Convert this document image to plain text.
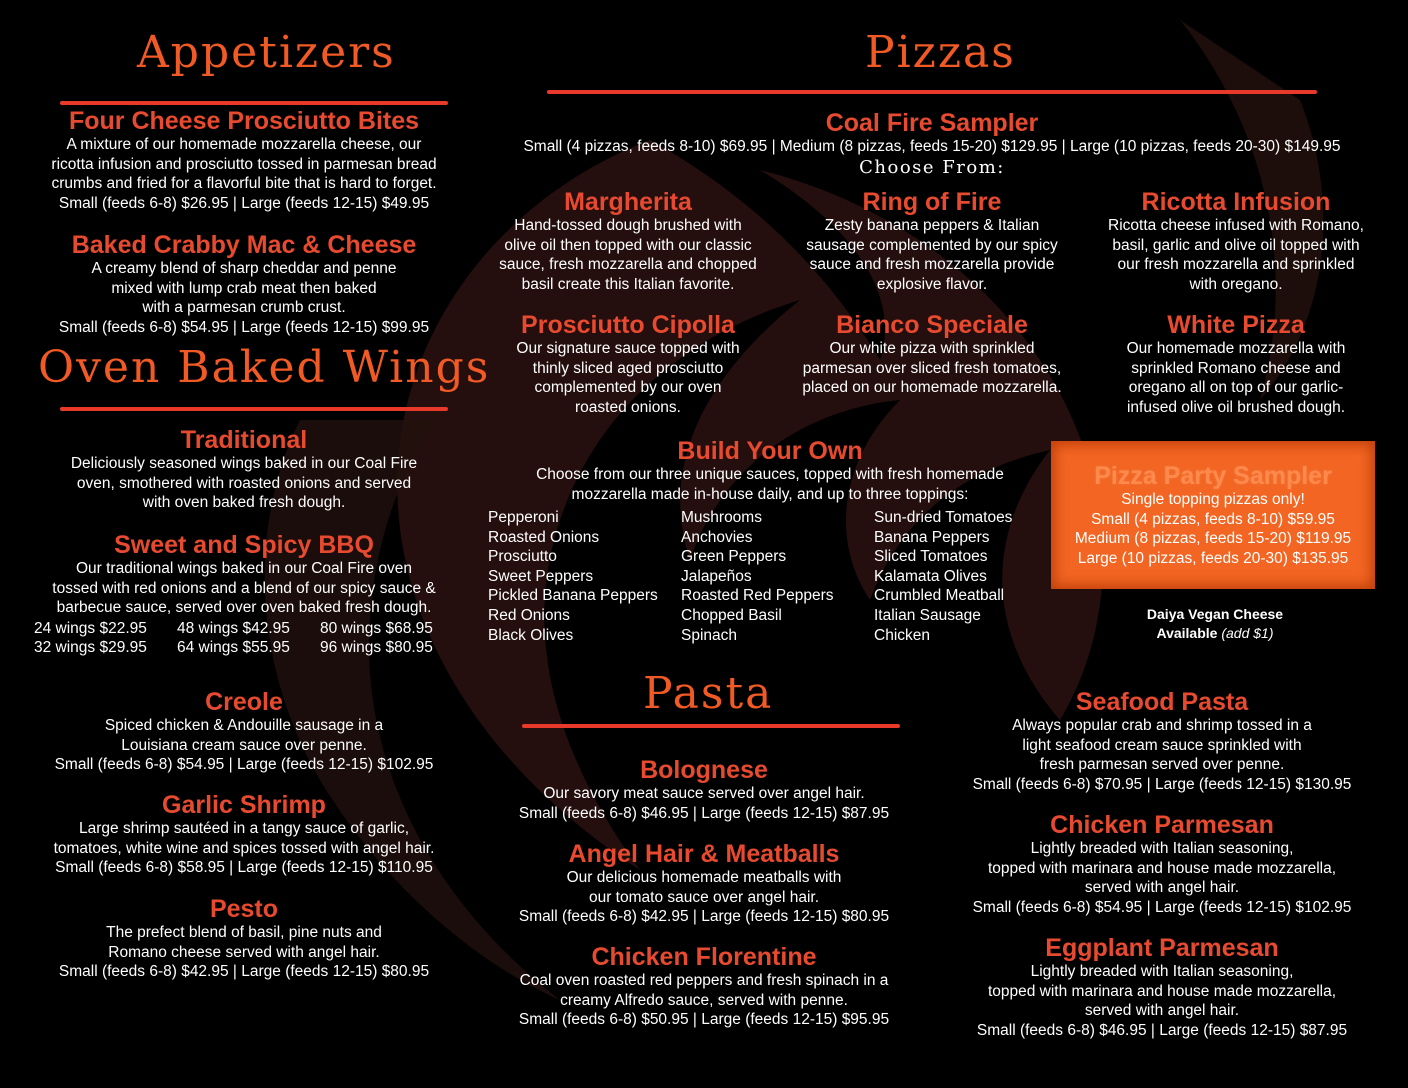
Appetizers	Pizzas
Oven Baked Wings
Pasta
Four Cheese Prosciutto Bites
A mixture of our homemade mozzarella cheese, our
ricotta infusion and prosciutto tossed in parmesan bread
crumbs and fried for a flavorful bite that is hard to forget.
Small (feeds 6-8) $26.95 | Large (feeds 12-15) $49.95
Baked Crabby Mac & Cheese
A creamy blend of sharp cheddar and penne
mixed with lump crab meat then baked
with a parmesan crumb crust.
Small (feeds 6-8) $54.95 | Large (feeds 12-15) $99.95
Traditional
Deliciously seasoned wings baked in our Coal Fire
oven, smothered with roasted onions and served
with oven baked fresh dough.
Sweet and Spicy BBQ
Our traditional wings baked in our Coal Fire oven
tossed with red onions and a blend of our spicy sauce &
barbecue sauce, served over oven baked fresh dough.
24 wings $22.95 48 wings $42.95 80 wings $68.95
32 wings $29.95 64 wings $55.95 96 wings $80.95
Creole
Spiced chicken & Andouille sausage in a
Louisiana cream sauce over penne.
Small (feeds 6-8) $54.95 | Large (feeds 12-15) $102.95
Garlic Shrimp
Large shrimp sautéed in a tangy sauce of garlic,
tomatoes, white wine and spices tossed with angel hair.
Small (feeds 6-8) $58.95 | Large (feeds 12-15) $110.95
Pesto
The prefect blend of basil, pine nuts and
Romano cheese served with angel hair.
Small (feeds 6-8) $42.95 | Large (feeds 12-15) $80.95
Coal Fire Sampler
Small (4 pizzas, feeds 8-10) $69.95 | Medium (8 pizzas, feeds 15-20) $129.95 | Large (10 pizzas, feeds 20-30) $149.95
Choose From:
Margherita
Hand-tossed dough brushed with
olive oil then topped with our classic
sauce, fresh mozzarella and chopped
basil create this Italian favorite.
Ring of Fire
Zesty banana peppers & Italian
sausage complemented by our spicy
sauce and fresh mozzarella provide
explosive flavor.
Ricotta Infusion
Ricotta cheese infused with Romano,
basil, garlic and olive oil topped with
our fresh mozzarella and sprinkled
with oregano.
Prosciutto Cipolla
Our signature sauce topped with
thinly sliced aged prosciutto
complemented by our oven
roasted onions.
Bianco Speciale
Our white pizza with sprinkled
parmesan over sliced fresh tomatoes,
placed on our homemade mozzarella.
White Pizza
Our homemade mozzarella with
sprinkled Romano cheese and
oregano all on top of our garlic-
infused olive oil brushed dough.
Build Your Own
Choose from our three unique sauces, topped with fresh homemade
mozzarella made in-house daily, and up to three toppings:
Pepperoni
Roasted Onions
Prosciutto
Sweet Peppers
Pickled Banana Peppers
Red Onions
Black Olives
Mushrooms
Anchovies
Green Peppers
Jalapeños
Roasted Red Peppers
Chopped Basil
Spinach
Sun-dried Tomatoes
Banana Peppers
Sliced Tomatoes
Kalamata Olives
Crumbled Meatball
Italian Sausage
Chicken
Pizza Party Sampler
Single topping pizzas only!
Small (4 pizzas, feeds 8-10) $59.95
Medium (8 pizzas, feeds 15-20) $119.95
Large (10 pizzas, feeds 20-30) $135.95
Daiya Vegan Cheese
Available (add $1)
Bolognese
Our savory meat sauce served over angel hair.
Small (feeds 6-8) $46.95 | Large (feeds 12-15) $87.95
Angel Hair & Meatballs
Our delicious homemade meatballs with
our tomato sauce over angel hair.
Small (feeds 6-8) $42.95 | Large (feeds 12-15) $80.95
Chicken Florentine
Coal oven roasted red peppers and fresh spinach in a
creamy Alfredo sauce, served with penne.
Small (feeds 6-8) $50.95 | Large (feeds 12-15) $95.95
Seafood Pasta
Always popular crab and shrimp tossed in a
light seafood cream sauce sprinkled with
fresh parmesan served over penne.
Small (feeds 6-8) $70.95 | Large (feeds 12-15) $130.95
Chicken Parmesan
Lightly breaded with Italian seasoning,
topped with marinara and house made mozzarella,
served with angel hair.
Small (feeds 6-8) $54.95 | Large (feeds 12-15) $102.95
Eggplant Parmesan
Lightly breaded with Italian seasoning,
topped with marinara and house made mozzarella,
served with angel hair.
Small (feeds 6-8) $46.95 | Large (feeds 12-15) $87.95
